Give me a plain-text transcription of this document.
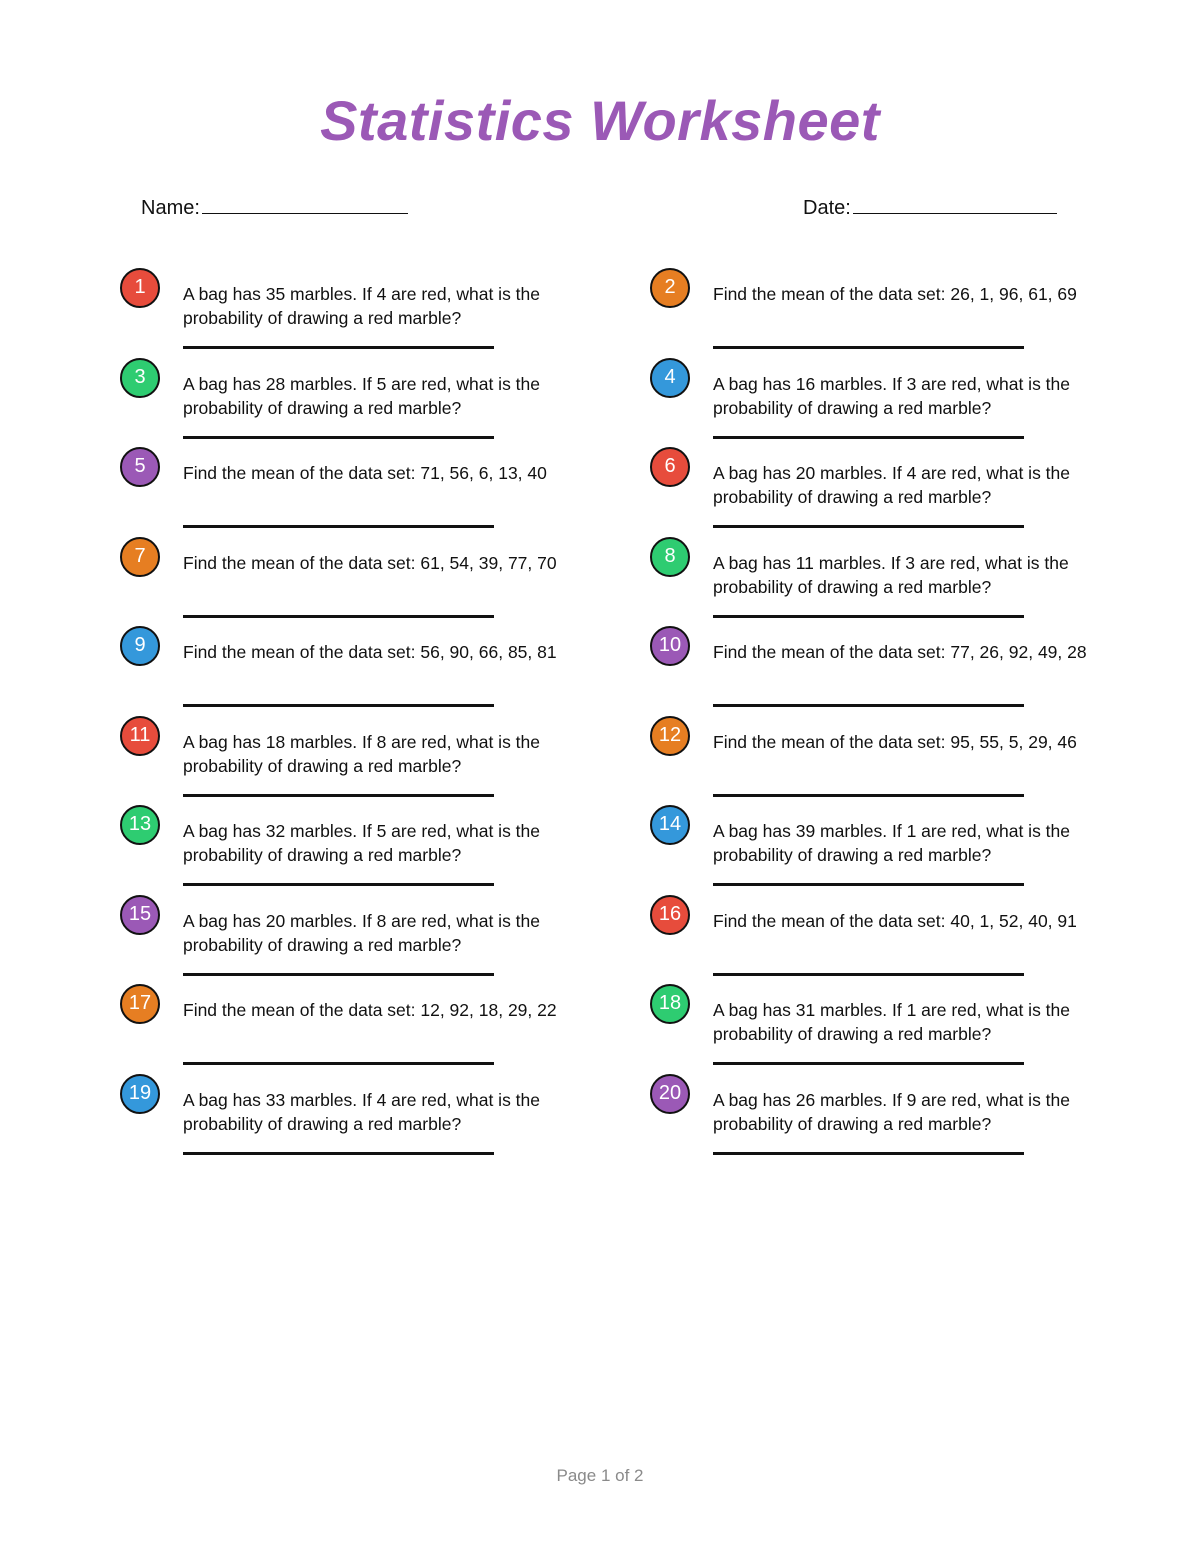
Statistics Worksheet
Name:	Date:
1	A bag has 35 marbles. If 4 are red, what is the probability of drawing a red marble?
2	Find the mean of the data set: 26, 1, 96, 61, 69
3	A bag has 28 marbles. If 5 are red, what is the probability of drawing a red marble?
4	A bag has 16 marbles. If 3 are red, what is the probability of drawing a red marble?
5	Find the mean of the data set: 71, 56, 6, 13, 40	6	A bag has 20 marbles. If 4 are red, what is the probability of drawing a red marble?
7	Find the mean of the data set: 61, 54, 39, 77, 70	8	A bag has 11 marbles. If 3 are red, what is the probability of drawing a red marble?
9	Find the mean of the data set: 56, 90, 66, 85, 81	10	Find the mean of the data set: 77, 26, 92, 49, 28
11	A bag has 18 marbles. If 8 are red, what is the probability of drawing a red marble?
12	Find the mean of the data set: 95, 55, 5, 29, 46
13	A bag has 32 marbles. If 5 are red, what is the probability of drawing a red marble?
14	A bag has 39 marbles. If 1 are red, what is the probability of drawing a red marble?
15	A bag has 20 marbles. If 8 are red, what is the probability of drawing a red marble?
16	Find the mean of the data set: 40, 1, 52, 40, 91
17	Find the mean of the data set: 12, 92, 18, 29, 22	18	A bag has 31 marbles. If 1 are red, what is the probability of drawing a red marble?
19	A bag has 33 marbles. If 4 are red, what is the probability of drawing a red marble?
20	A bag has 26 marbles. If 9 are red, what is the probability of drawing a red marble?
Page 1 of 2
